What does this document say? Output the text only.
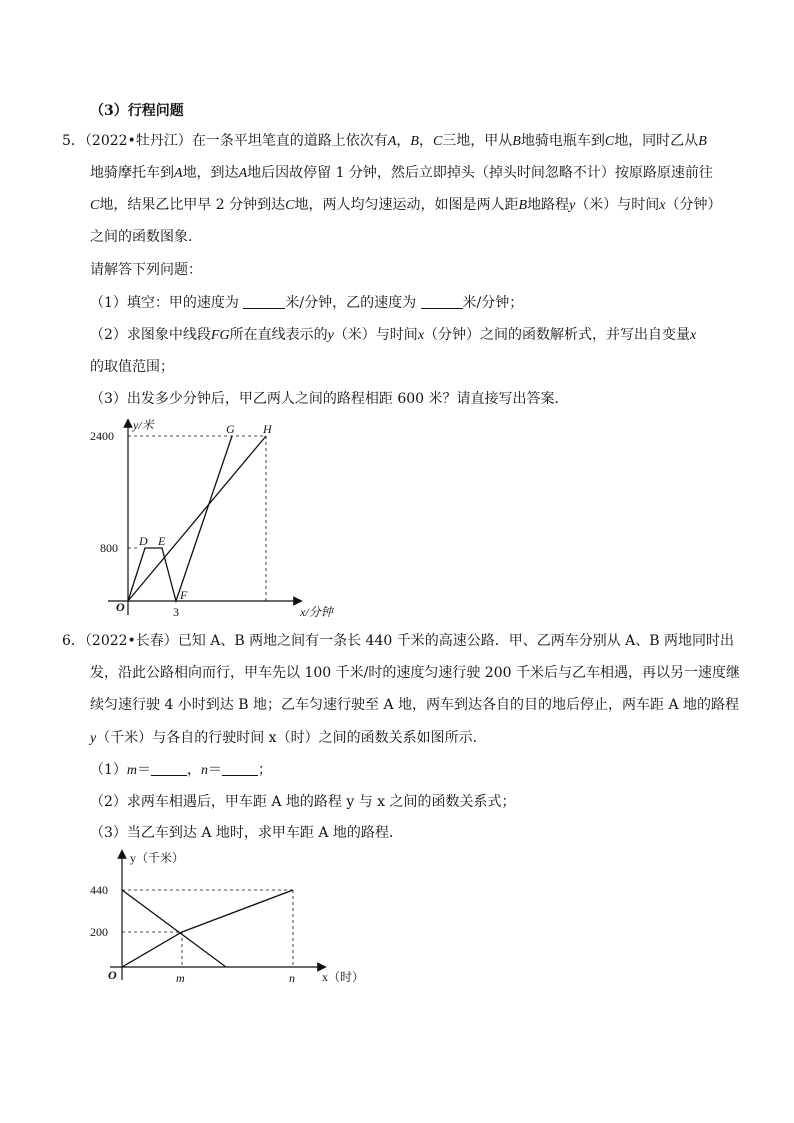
（3）行程问题
5．（2022•牡丹江）在一条平坦笔直的道路上依次有A，B，C三地，甲从B地骑电瓶车到C地，同时乙从B
地骑摩托车到A地，到达A地后因故停留 1 分钟，然后立即掉头（掉头时间忽略不计）按原路原速前往
C地，结果乙比甲早 2 分钟到达C地，两人均匀速运动，如图是两人距B地路程y（米）与时间x（分钟）
之间的函数图象．
请解答下列问题：
（1）填空：甲的速度为	米/分钟，乙的速度为	米/分钟；
（2）求图象中线段FG所在直线表示的y（米）与时间x（分钟）之间的函数解析式，并写出自变量x
的取值范围；
（3）出发多少分钟后，甲乙两人之间的路程相距 600 米？请直接写出答案．
y/米
x/分钟
O
2400
800
3
D E
F
G H
6．（2022•长春）已知 A、B 两地之间有一条长 440 千米的高速公路．甲、乙两车分别从 A、B 两地同时出
发，沿此公路相向而行，甲车先以 100 千米/时的速度匀速行驶 200 千米后与乙车相遇，再以另一速度继
续匀速行驶 4 小时到达 B 地；乙车匀速行驶至 A 地，两车到达各自的目的地后停止，两车距 A 地的路程
y（千米）与各自的行驶时间 x（时）之间的函数关系如图所示．
（1）m＝	，n＝	；
（2）求两车相遇后，甲车距 A 地的路程 y 与 x 之间的函数关系式；
（3）当乙车到达 A 地时，求甲车距 A 地的路程．
y（千米）
x（时）
O
440
200
m	n
